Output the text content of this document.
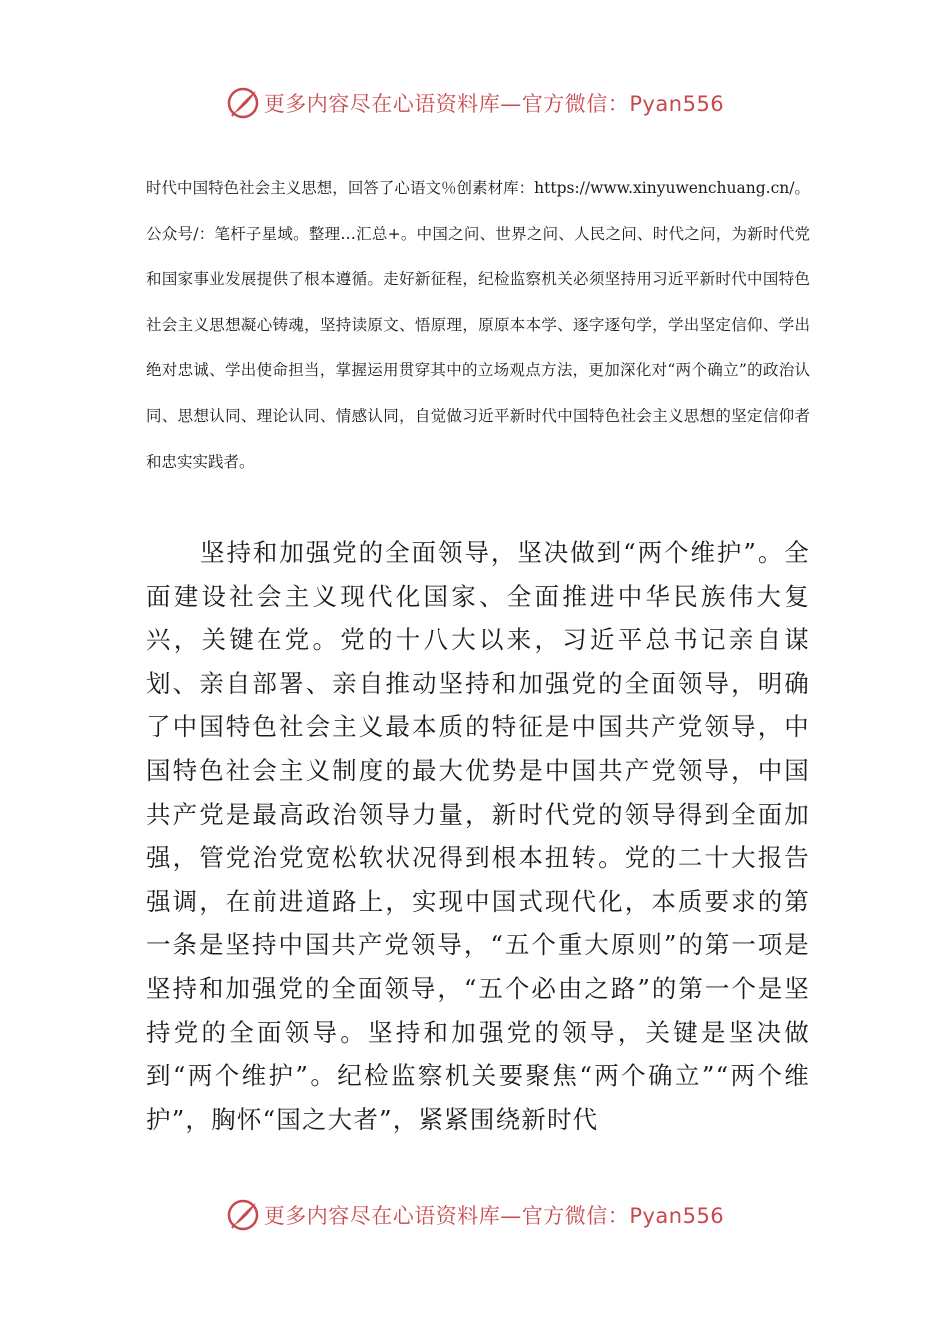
更多内容尽在心语资料库—官方微信：Pyan556

时代中国特色社会主义思想，回答了心语文％创素材库：https://www.xinyuwenchuang.cn/。公众号/：笔杆子星域。整理…汇总+。中国之问、世界之问、人民之问、时代之问，为新时代党和国家事业发展提供了根本遵循。走好新征程，纪检监察机关必须坚持用习近平新时代中国特色社会主义思想凝心铸魂，坚持读原文、悟原理，原原本本学、逐字逐句学，学出坚定信仰、学出绝对忠诚、学出使命担当，掌握运用贯穿其中的立场观点方法，更加深化对“两个确立”的政治认同、思想认同、理论认同、情感认同，自觉做习近平新时代中国特色社会主义思想的坚定信仰者和忠实实践者。

坚持和加强党的全面领导，坚决做到“两个维护”。全面建设社会主义现代化国家、全面推进中华民族伟大复兴，关键在党。党的十八大以来，习近平总书记亲自谋划、亲自部署、亲自推动坚持和加强党的全面领导，明确了中国特色社会主义最本质的特征是中国共产党领导，中国特色社会主义制度的最大优势是中国共产党领导，中国共产党是最高政治领导力量，新时代党的领导得到全面加强，管党治党宽松软状况得到根本扭转。党的二十大报告强调，在前进道路上，实现中国式现代化，本质要求的第一条是坚持中国共产党领导，“五个重大原则”的第一项是坚持和加强党的全面领导，“五个必由之路”的第一个是坚持党的全面领导。坚持和加强党的领导，关键是坚决做到“两个维护”。纪检监察机关要聚焦“两个确立”“两个维护”，胸怀“国之大者”，紧紧围绕新时代

更多内容尽在心语资料库—官方微信：Pyan556
